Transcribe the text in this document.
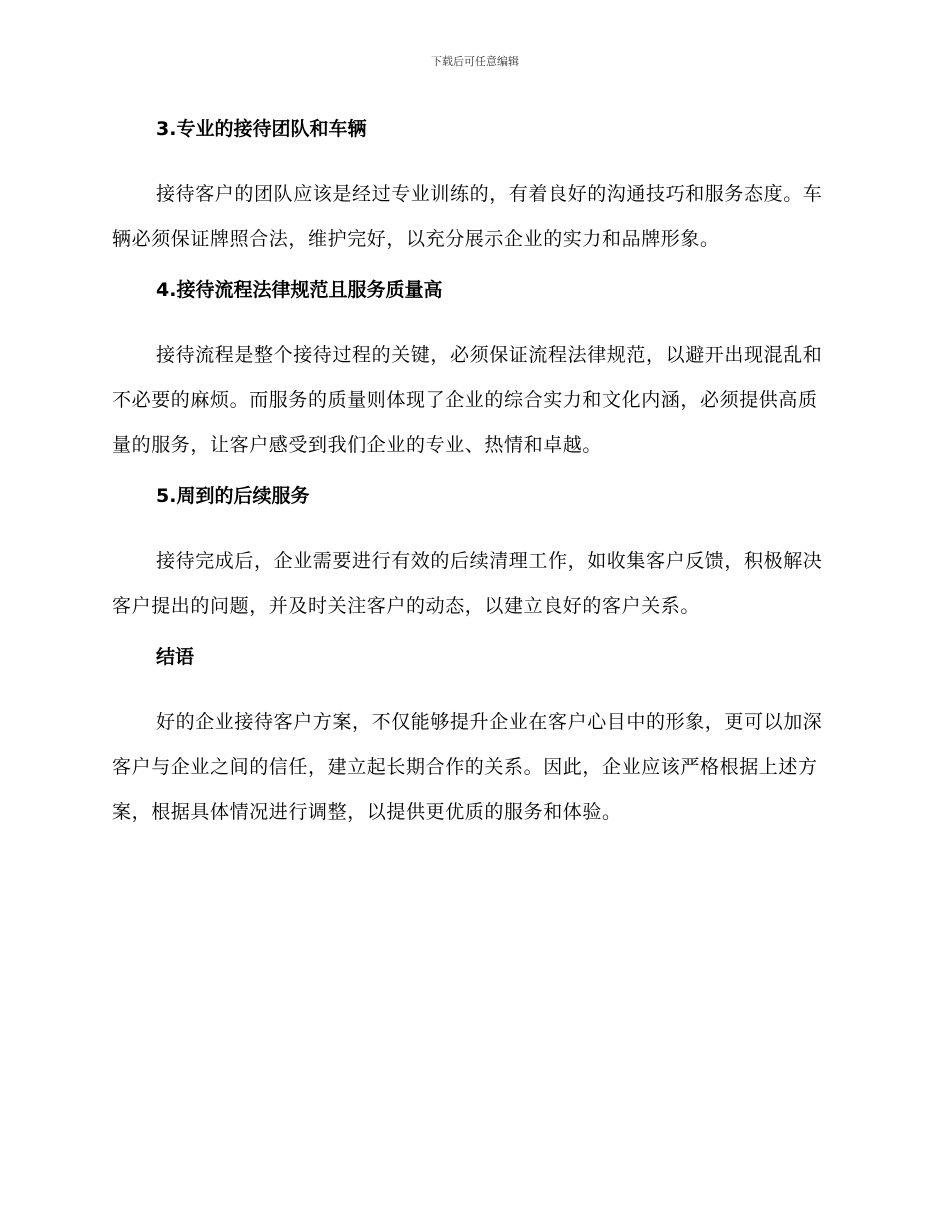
下载后可任意编辑
3.专业的接待团队和车辆

接待客户的团队应该是经过专业训练的，有着良好的沟通技巧和服务态度。车辆必须保证牌照合法，维护完好，以充分展示企业的实力和品牌形象。

4.接待流程法律规范且服务质量高

接待流程是整个接待过程的关键，必须保证流程法律规范，以避开出现混乱和不必要的麻烦。而服务的质量则体现了企业的综合实力和文化内涵，必须提供高质量的服务，让客户感受到我们企业的专业、热情和卓越。

5.周到的后续服务

接待完成后，企业需要进行有效的后续清理工作，如收集客户反馈，积极解决客户提出的问题，并及时关注客户的动态，以建立良好的客户关系。

结语

好的企业接待客户方案，不仅能够提升企业在客户心目中的形象，更可以加深客户与企业之间的信任，建立起长期合作的关系。因此，企业应该严格根据上述方案，根据具体情况进行调整，以提供更优质的服务和体验。
